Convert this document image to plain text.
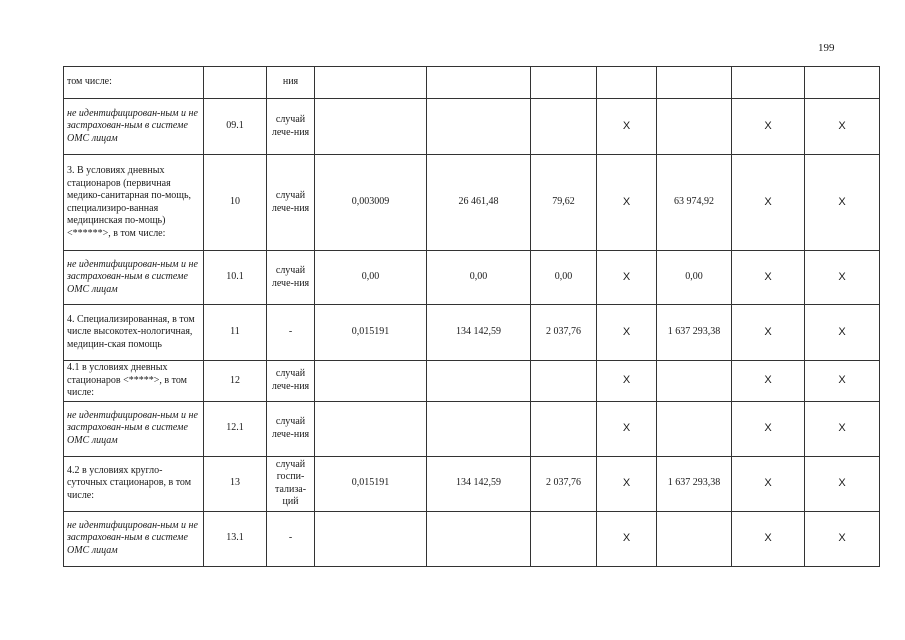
199
том числе:		ния							
не идентифицирован-ным и не застрахован-ным в системе ОМС лицам	09.1	случай лече-ния				X		X	X
3. В условиях дневных стационаров (первичная медико-санитарная по-мощь, специализиро-ванная медицинская по-мощь)<******>, в том числе:	10	случай лече-ния	0,003009	26 461,48	79,62	X	63 974,92	X	X
не идентифицирован-ным и не застрахован-ным в системе ОМС лицам	10.1	случай лече-ния	0,00	0,00	0,00	X	0,00	X	X
4. Специализированная, в том числе высокотех-нологичная, медицин-ская помощь	11	-	0,015191	134 142,59	2 037,76	X	1 637 293,38	X	X
4.1 в условиях дневных стационаров <*****>, в том числе:	12	случай лече-ния				X		X	X
не идентифицирован-ным и не застрахован-ным в системе ОМС лицам	12.1	случай лече-ния				X		X	X
4.2 в условиях кругло-суточных стационаров, в том числе:	13	случай госпи-тализа-ций	0,015191	134 142,59	2 037,76	X	1 637 293,38	X	X
не идентифицирован-ным и не застрахован-ным в системе ОМС лицам	13.1	-				X		X	X
